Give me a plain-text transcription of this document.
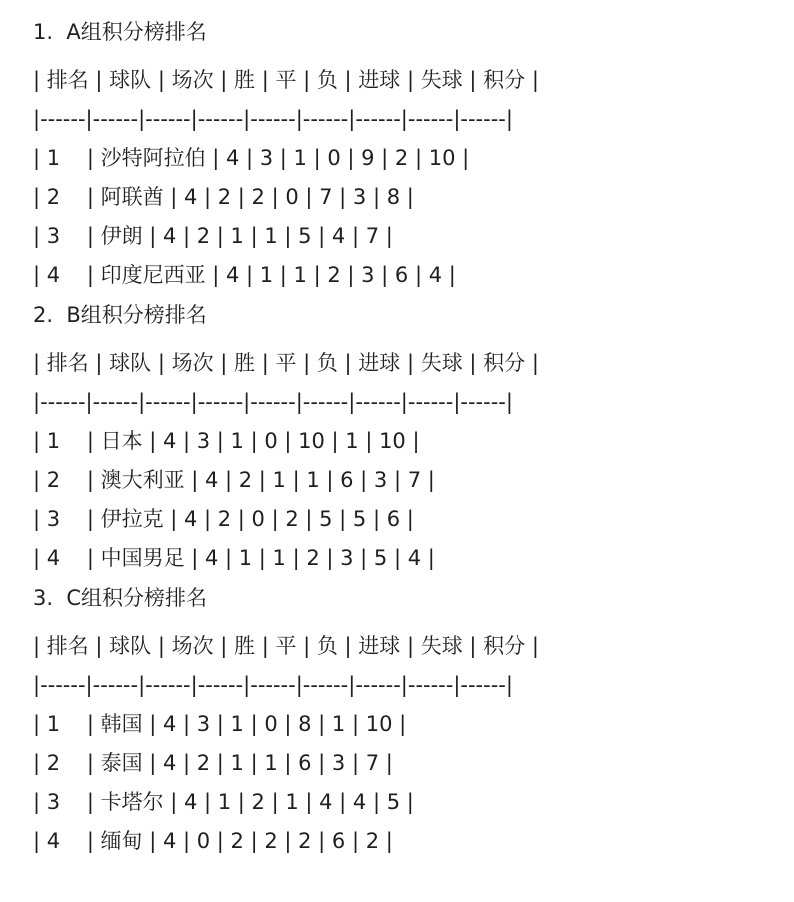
1.  A组积分榜排名
| 排名 | 球队 | 场次 | 胜 | 平 | 负 | 进球 | 失球 | 积分 |
|------|------|------|------|------|------|------|------|------|
| 1    | 沙特阿拉伯 | 4 | 3 | 1 | 0 | 9 | 2 | 10 |
| 2    | 阿联酋 | 4 | 2 | 2 | 0 | 7 | 3 | 8 |
| 3    | 伊朗 | 4 | 2 | 1 | 1 | 5 | 4 | 7 |
| 4    | 印度尼西亚 | 4 | 1 | 1 | 2 | 3 | 6 | 4 |
2.  B组积分榜排名
| 排名 | 球队 | 场次 | 胜 | 平 | 负 | 进球 | 失球 | 积分 |
|------|------|------|------|------|------|------|------|------|
| 1    | 日本 | 4 | 3 | 1 | 0 | 10 | 1 | 10 |
| 2    | 澳大利亚 | 4 | 2 | 1 | 1 | 6 | 3 | 7 |
| 3    | 伊拉克 | 4 | 2 | 0 | 2 | 5 | 5 | 6 |
| 4    | 中国男足 | 4 | 1 | 1 | 2 | 3 | 5 | 4 |
3.  C组积分榜排名
| 排名 | 球队 | 场次 | 胜 | 平 | 负 | 进球 | 失球 | 积分 |
|------|------|------|------|------|------|------|------|------|
| 1    | 韩国 | 4 | 3 | 1 | 0 | 8 | 1 | 10 |
| 2    | 泰国 | 4 | 2 | 1 | 1 | 6 | 3 | 7 |
| 3    | 卡塔尔 | 4 | 1 | 2 | 1 | 4 | 4 | 5 |
| 4    | 缅甸 | 4 | 0 | 2 | 2 | 2 | 6 | 2 |
